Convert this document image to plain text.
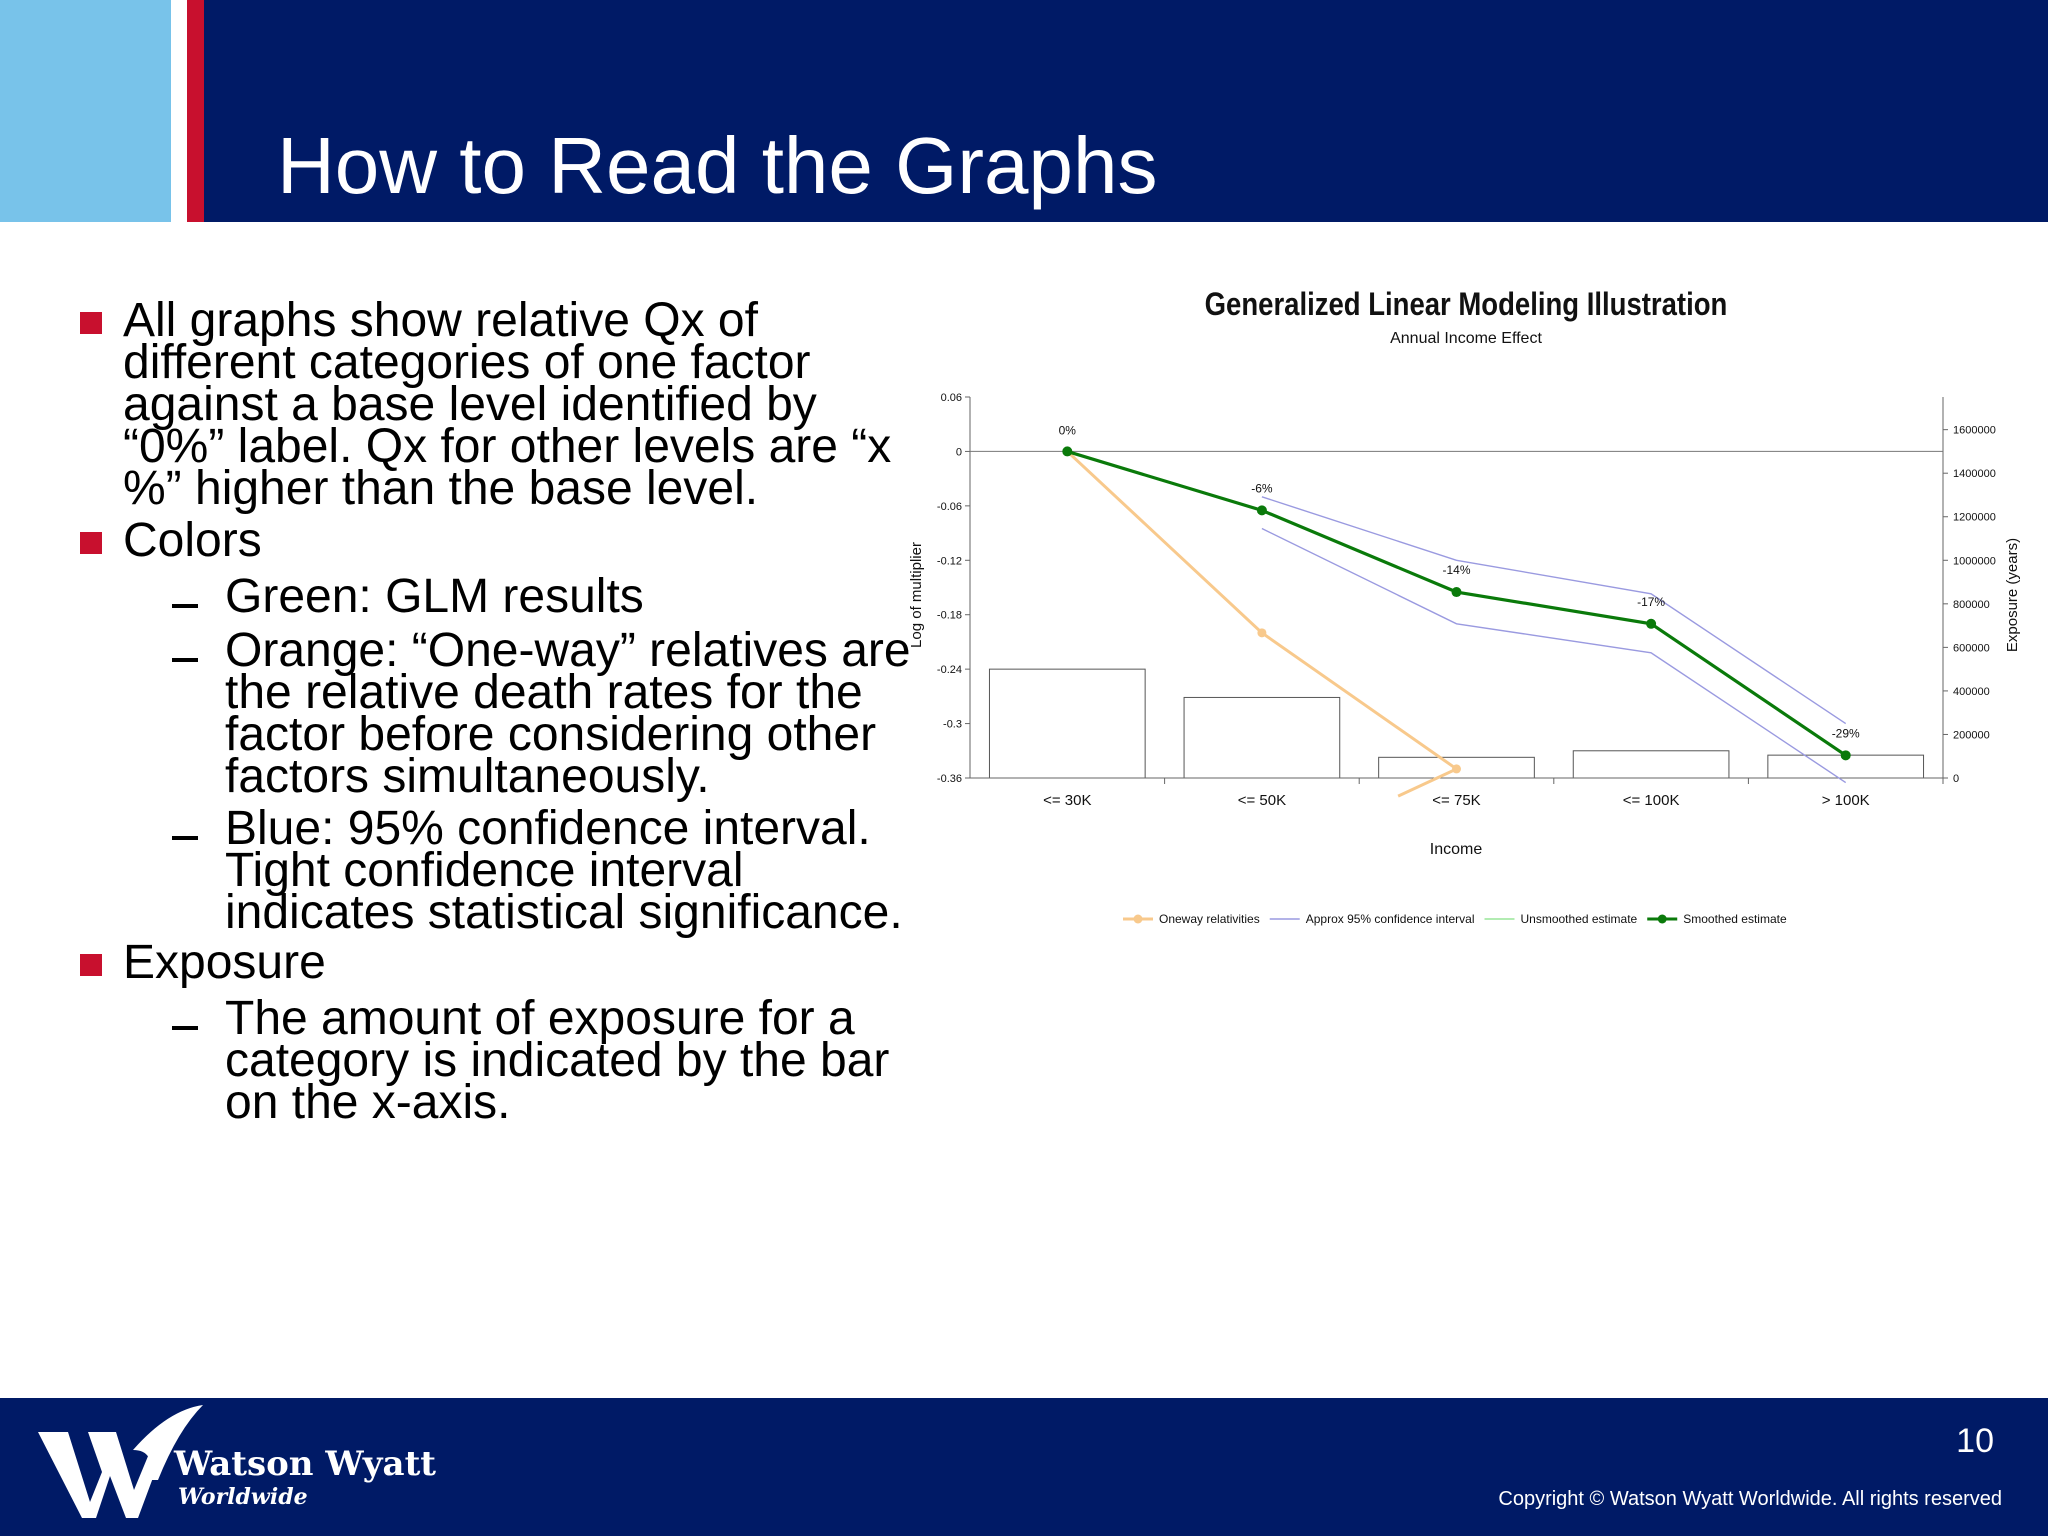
How to Read the Graphs
All graphs show relative Qx of
different categories of one factor
against a base level identified by
“0%” label. Qx for other levels are “x
%” higher than the base level.
Colors
Green: GLM results
Orange: “One-way” relatives are
the relative death rates for the
factor before considering other
factors simultaneously.
Blue: 95% confidence interval.
Tight confidence interval
indicates statistical significance.
Exposure
The amount of exposure for a
category is indicated by the bar
on the x-axis.
Generalized Linear Modeling Illustration
Annual Income Effect
0.06
0
-0.06
-0.12
-0.18
-0.24
-0.3
-0.36	0
200000
400000
600000
800000
1000000
1200000
1400000
1600000
<= 30K	<= 50K	<= 75K	<= 100K	> 100K
0%
-6%
-14%
-17%
-29%
Income
Log of multiplier	Exposure (years)
Oneway relativities	Approx 95% confidence interval	Unsmoothed estimate	Smoothed estimate
Watson Wyatt
Worldwide
10
Copyright © Watson Wyatt Worldwide. All rights reserved
